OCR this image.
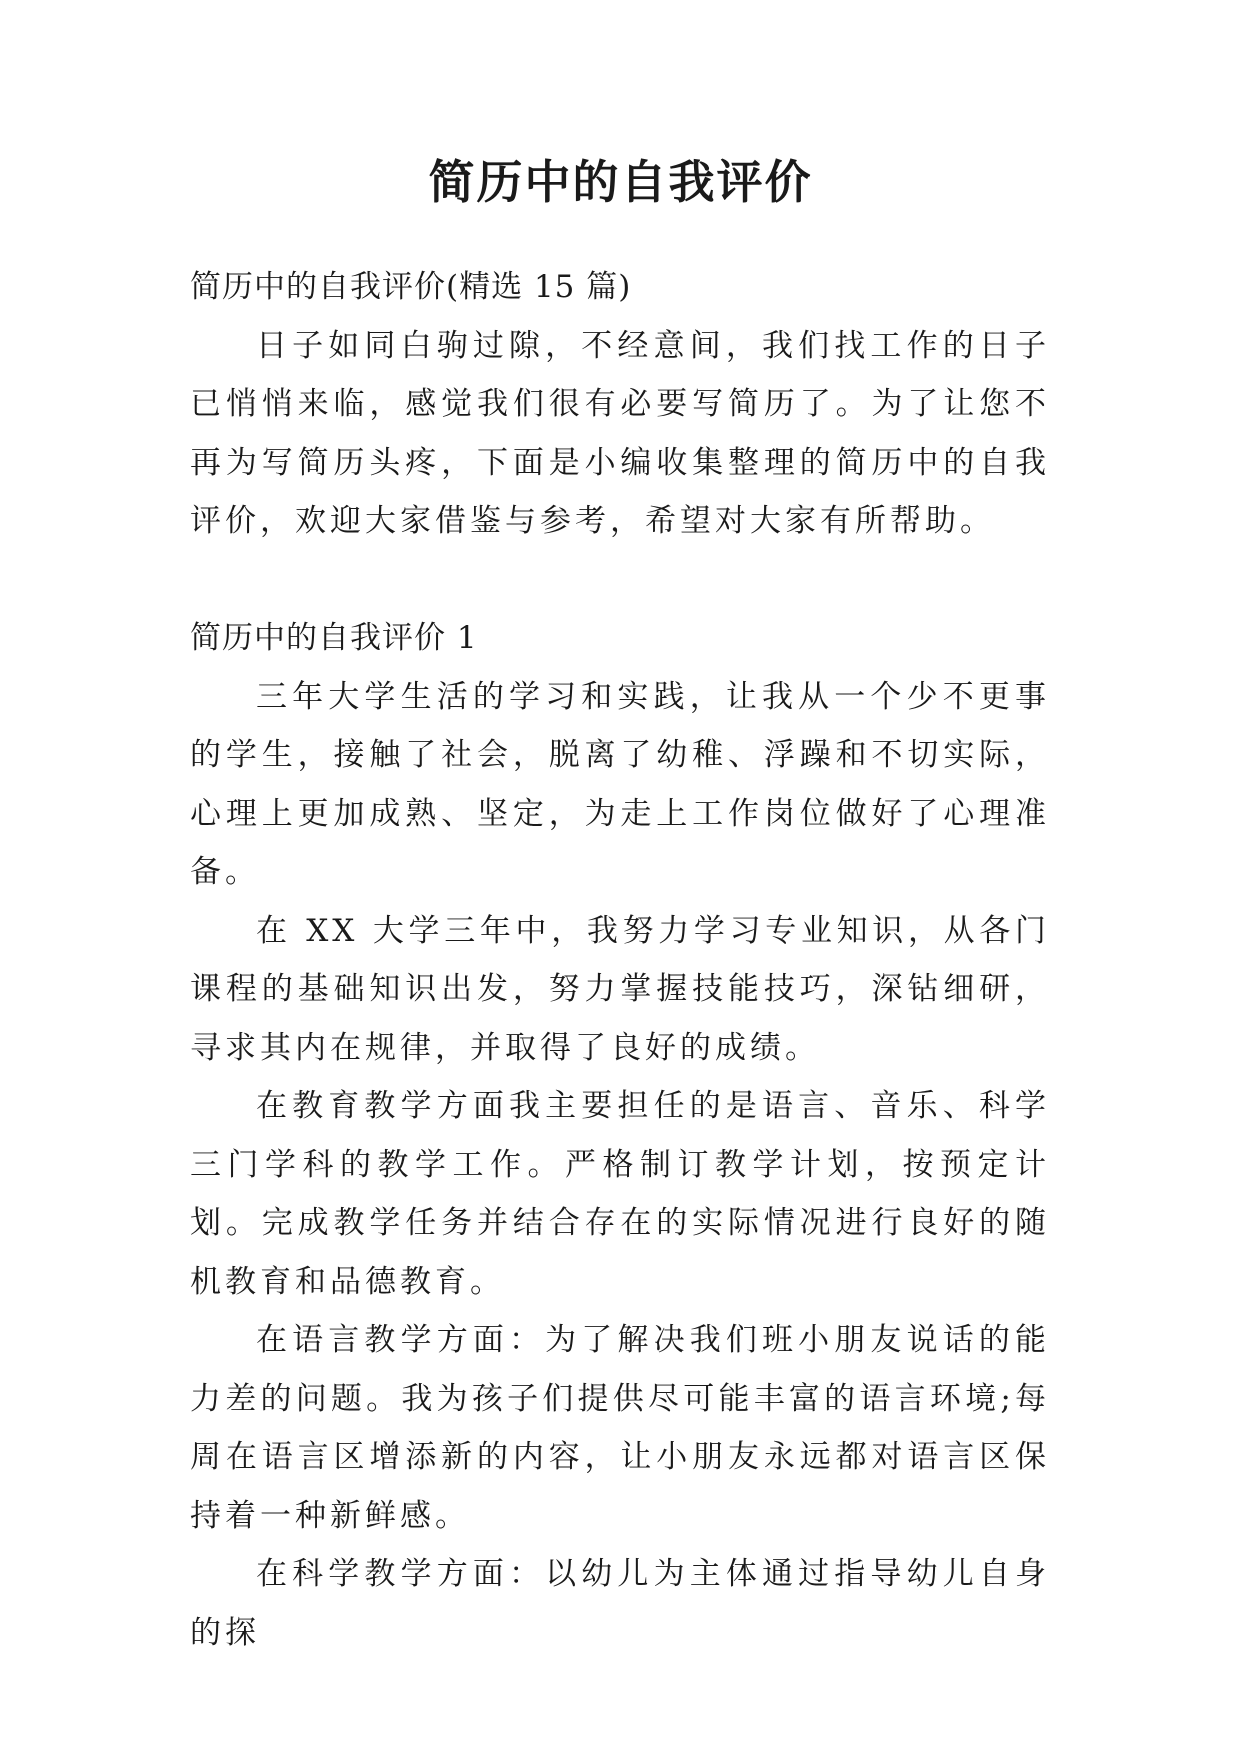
简历中的自我评价

简历中的自我评价(精选 15 篇)

日子如同白驹过隙，不经意间，我们找工作的日子已悄悄来临，感觉我们很有必要写简历了。为了让您不再为写简历头疼，下面是小编收集整理的简历中的自我评价，欢迎大家借鉴与参考，希望对大家有所帮助。

简历中的自我评价 1

三年大学生活的学习和实践，让我从一个少不更事的学生，接触了社会，脱离了幼稚、浮躁和不切实际，心理上更加成熟、坚定，为走上工作岗位做好了心理准备。

在 XX 大学三年中，我努力学习专业知识，从各门课程的基础知识出发，努力掌握技能技巧，深钻细研，寻求其内在规律，并取得了良好的成绩。

在教育教学方面我主要担任的是语言、音乐、科学三门学科的教学工作。严格制订教学计划，按预定计划。完成教学任务并结合存在的实际情况进行良好的随机教育和品德教育。

在语言教学方面：为了解决我们班小朋友说话的能力差的问题。我为孩子们提供尽可能丰富的语言环境;每周在语言区增添新的内容，让小朋友永远都对语言区保持着一种新鲜感。

在科学教学方面：以幼儿为主体通过指导幼儿自身的探
